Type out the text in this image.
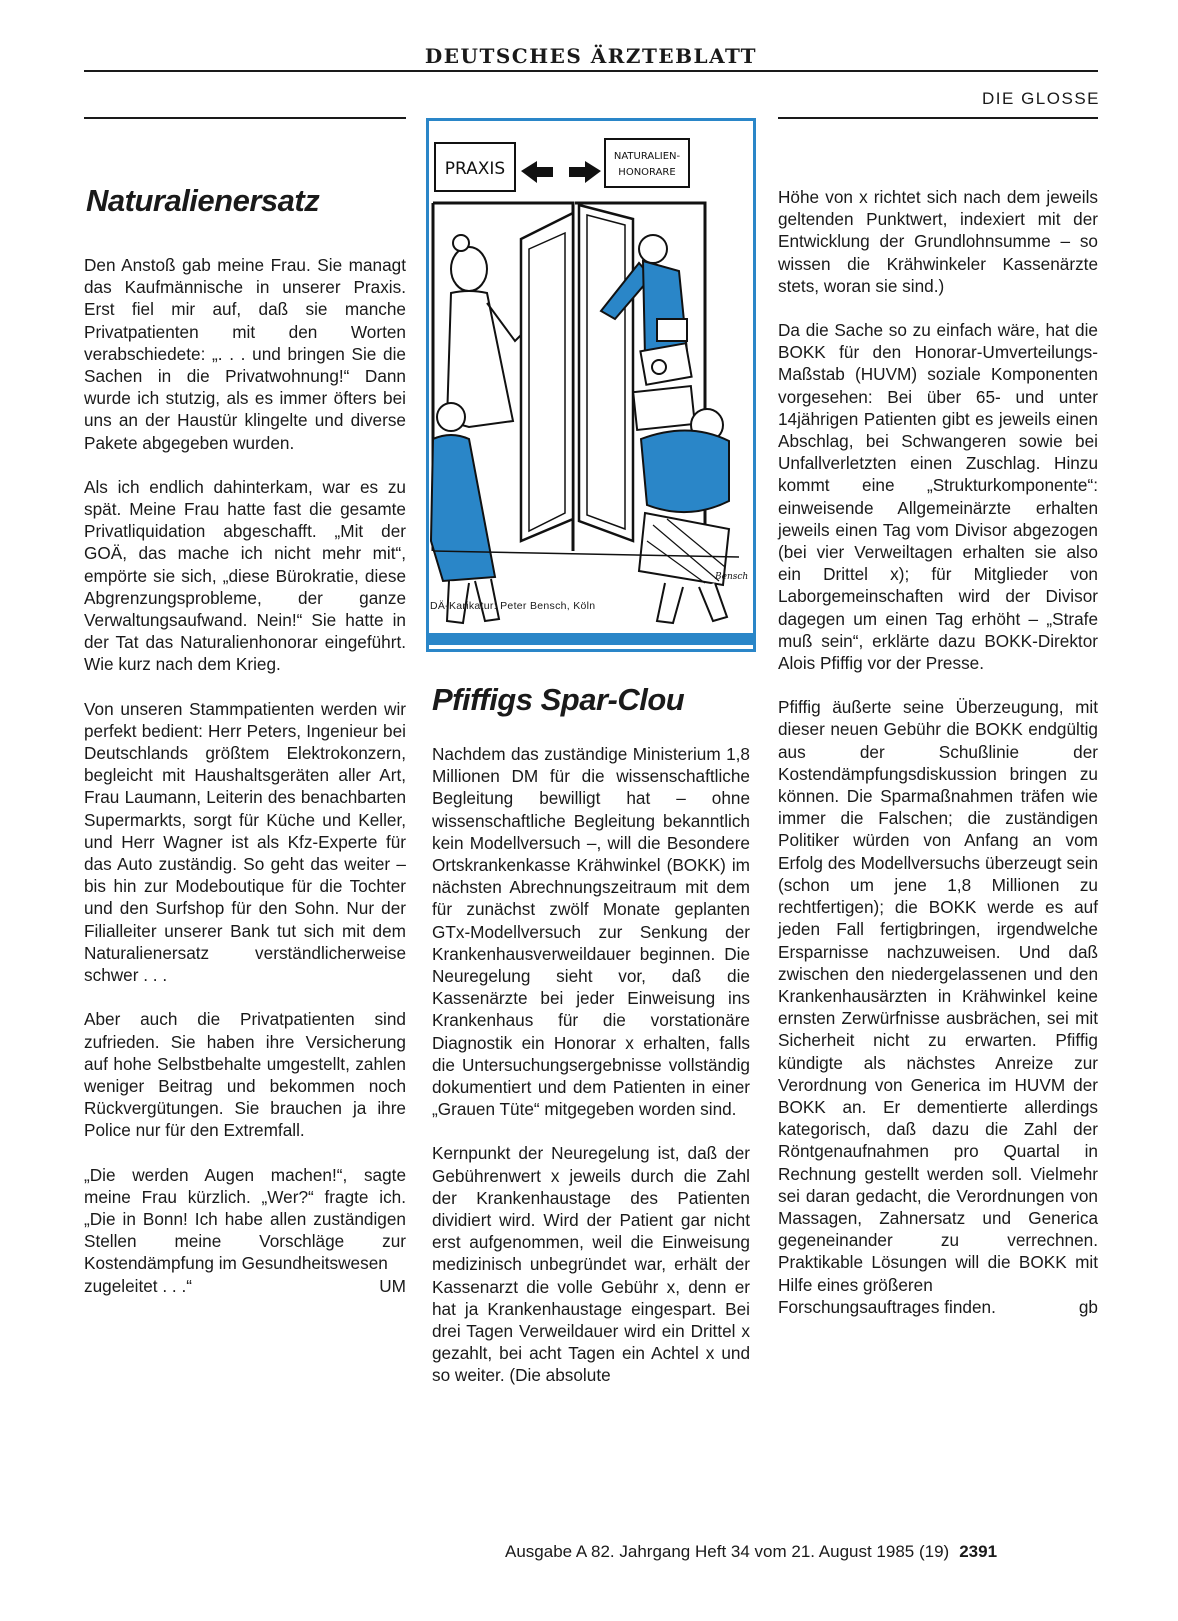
DEUTSCHES ÄRZTEBLATT
DIE GLOSSE
Naturalienersatz

Den Anstoß gab meine Frau. Sie managt das Kaufmännische in unserer Praxis. Erst fiel mir auf, daß sie manche Privatpatienten mit den Worten verabschiedete: „. . . und bringen Sie die Sachen in die Privatwohnung!“ Dann wurde ich stutzig, als es immer öfters bei uns an der Haustür klingelte und diverse Pakete abgegeben wurden.

Als ich endlich dahinterkam, war es zu spät. Meine Frau hatte fast die gesamte Privatliquidation abgeschafft. „Mit der GOÄ, das mache ich nicht mehr mit“, empörte sie sich, „diese Bürokratie, diese Abgrenzungsprobleme, der ganze Verwaltungsaufwand. Nein!“ Sie hatte in der Tat das Naturalienhonorar eingeführt. Wie kurz nach dem Krieg.

Von unseren Stammpatienten werden wir perfekt bedient: Herr Peters, Ingenieur bei Deutschlands größtem Elektrokonzern, begleicht mit Haushaltsgeräten aller Art, Frau Laumann, Leiterin des benachbarten Supermarkts, sorgt für Küche und Keller, und Herr Wagner ist als Kfz-Experte für das Auto zuständig. So geht das weiter – bis hin zur Modeboutique für die Tochter und den Surfshop für den Sohn. Nur der Filialleiter unserer Bank tut sich mit dem Naturalienersatz verständlicherweise schwer . . .

Aber auch die Privatpatienten sind zufrieden. Sie haben ihre Versicherung auf hohe Selbstbehalte umgestellt, zahlen weniger Beitrag und bekommen noch Rückvergütungen. Sie brauchen ja ihre Police nur für den Extremfall.

„Die werden Augen machen!“, sagte meine Frau kürzlich. „Wer?“ fragte ich. „Die in Bonn! Ich habe allen zuständigen Stellen meine Vorschläge zur Kostendämpfung im Gesundheitswesen

zugeleitet . . .“	UM
PRAXIS
NATURALIEN-
HONORARE
Bensch
DÄ-Karikatur: Peter Bensch, Köln
Pfiffigs Spar-Clou

Nachdem das zuständige Ministerium 1,8 Millionen DM für die wissenschaftliche Begleitung bewilligt hat – ohne wissenschaftliche Begleitung bekanntlich kein Modellversuch –, will die Besondere Ortskrankenkasse Krähwinkel (BOKK) im nächsten Abrechnungszeitraum mit dem für zunächst zwölf Monate geplanten GTx-Modellversuch zur Senkung der Krankenhausverweildauer beginnen. Die Neuregelung sieht vor, daß die Kassenärzte bei jeder Einweisung ins Krankenhaus für die vorstationäre Diagnostik ein Honorar x erhalten, falls die Untersuchungsergebnisse vollständig dokumentiert und dem Patienten in einer „Grauen Tüte“ mitgegeben worden sind.

Kernpunkt der Neuregelung ist, daß der Gebührenwert x jeweils durch die Zahl der Krankenhaustage des Patienten dividiert wird. Wird der Patient gar nicht erst aufgenommen, weil die Einweisung medizinisch unbegründet war, erhält der Kassenarzt die volle Gebühr x, denn er hat ja Krankenhaustage eingespart. Bei drei Tagen Verweildauer wird ein Drittel x gezahlt, bei acht Tagen ein Achtel x und so weiter. (Die absolute

Höhe von x richtet sich nach dem jeweils geltenden Punktwert, indexiert mit der Entwicklung der Grundlohnsumme – so wissen die Krähwinkeler Kassenärzte stets, woran sie sind.)

Da die Sache so zu einfach wäre, hat die BOKK für den Honorar-Umverteilungs-Maßstab (HUVM) soziale Komponenten vorgesehen: Bei über 65- und unter 14jährigen Patienten gibt es jeweils einen Abschlag, bei Schwangeren sowie bei Unfallverletzten einen Zuschlag. Hinzu kommt eine „Strukturkomponente“: einweisende Allgemeinärzte erhalten jeweils einen Tag vom Divisor abgezogen (bei vier Verweiltagen erhalten sie also ein Drittel x); für Mitglieder von Laborgemeinschaften wird der Divisor dagegen um einen Tag erhöht – „Strafe muß sein“, erklärte dazu BOKK-Direktor Alois Pfiffig vor der Presse.

Pfiffig äußerte seine Überzeugung, mit dieser neuen Gebühr die BOKK endgültig aus der Schußlinie der Kostendämpfungsdiskussion bringen zu können. Die Sparmaßnahmen träfen wie immer die Falschen; die zuständigen Politiker würden von Anfang an vom Erfolg des Modellversuchs überzeugt sein (schon um jene 1,8 Millionen zu rechtfertigen); die BOKK werde es auf jeden Fall fertigbringen, irgendwelche Ersparnisse nachzuweisen. Und daß zwischen den niedergelassenen und den Krankenhausärzten in Krähwinkel keine ernsten Zerwürfnisse ausbrächen, sei mit Sicherheit nicht zu erwarten. Pfiffig kündigte als nächstes Anreize zur Verordnung von Generica im HUVM der BOKK an. Er dementierte allerdings kategorisch, daß dazu die Zahl der Röntgenaufnahmen pro Quartal in Rechnung gestellt werden soll. Vielmehr sei daran gedacht, die Verordnungen von Massagen, Zahnersatz und Generica gegeneinander zu verrechnen. Praktikable Lösungen will die BOKK mit Hilfe eines größeren

Forschungsauftrages finden.	gb
Ausgabe A 82. Jahrgang Heft 34 vom 21. August 1985 (19) 2391
